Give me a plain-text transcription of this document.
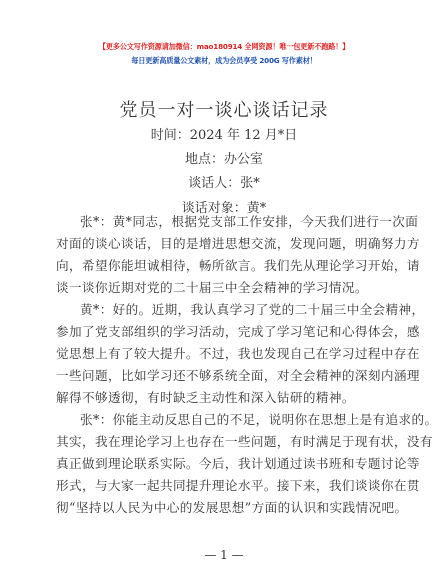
【更多公文写作资源请加微信：mao180914 全网资源！唯一包更新不跑路！】
每日更新高质量公文素材，成为会员享受 200G 写作素材！
党员一对一谈心谈话记录
时间：2024 年 12 月*日
地点：办公室
谈话人：张*
谈话对象：黄*
张*：黄*同志，根据党支部工作安排，今天我们进行一次面
对面的谈心谈话，目的是增进思想交流，发现问题，明确努力方
向，希望你能坦诚相待，畅所欲言。我们先从理论学习开始，请
谈一谈你近期对党的二十届三中全会精神的学习情况。
黄*：好的。近期，我认真学习了党的二十届三中全会精神，
参加了党支部组织的学习活动，完成了学习笔记和心得体会，感
觉思想上有了较大提升。不过，我也发现自己在学习过程中存在
一些问题，比如学习还不够系统全面，对全会精神的深刻内涵理
解得不够透彻，有时缺乏主动性和深入钻研的精神。
张*：你能主动反思自己的不足，说明你在思想上是有追求的。
其实，我在理论学习上也存在一些问题，有时满足于现有状，没有
真正做到理论联系实际。今后，我计划通过读书班和专题讨论等
形式，与大家一起共同提升理论水平。接下来，我们谈谈你在贯
彻“坚持以人民为中心的发展思想”方面的认识和实践情况吧。
— 1 —
